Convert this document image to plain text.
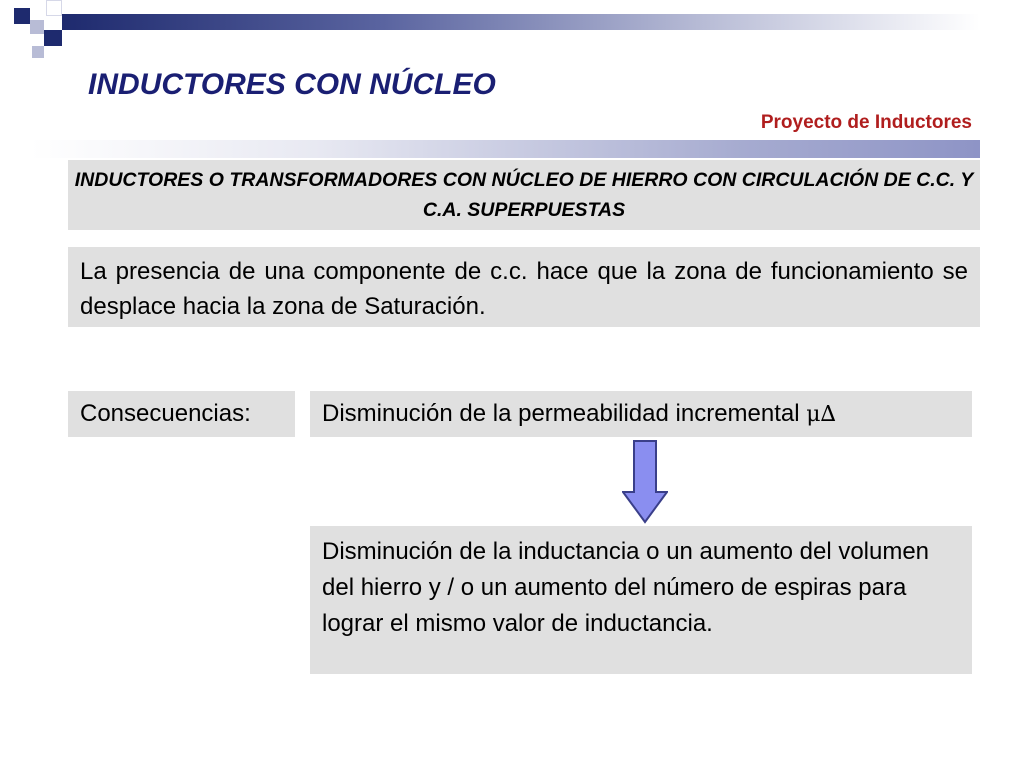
INDUCTORES CON NÚCLEO
Proyecto de Inductores
INDUCTORES O TRANSFORMADORES CON NÚCLEO DE HIERRO CON CIRCULACIÓN DE C.C. Y C.A. SUPERPUESTAS
La presencia de una componente de c.c. hace que la zona de funcionamiento se desplace hacia la zona de Saturación.
Consecuencias:	Disminución de la permeabilidad incremental μ∆
Disminución de la inductancia o un aumento del volumen del hierro y / o un aumento del número de espiras para lograr el mismo valor de inductancia.
